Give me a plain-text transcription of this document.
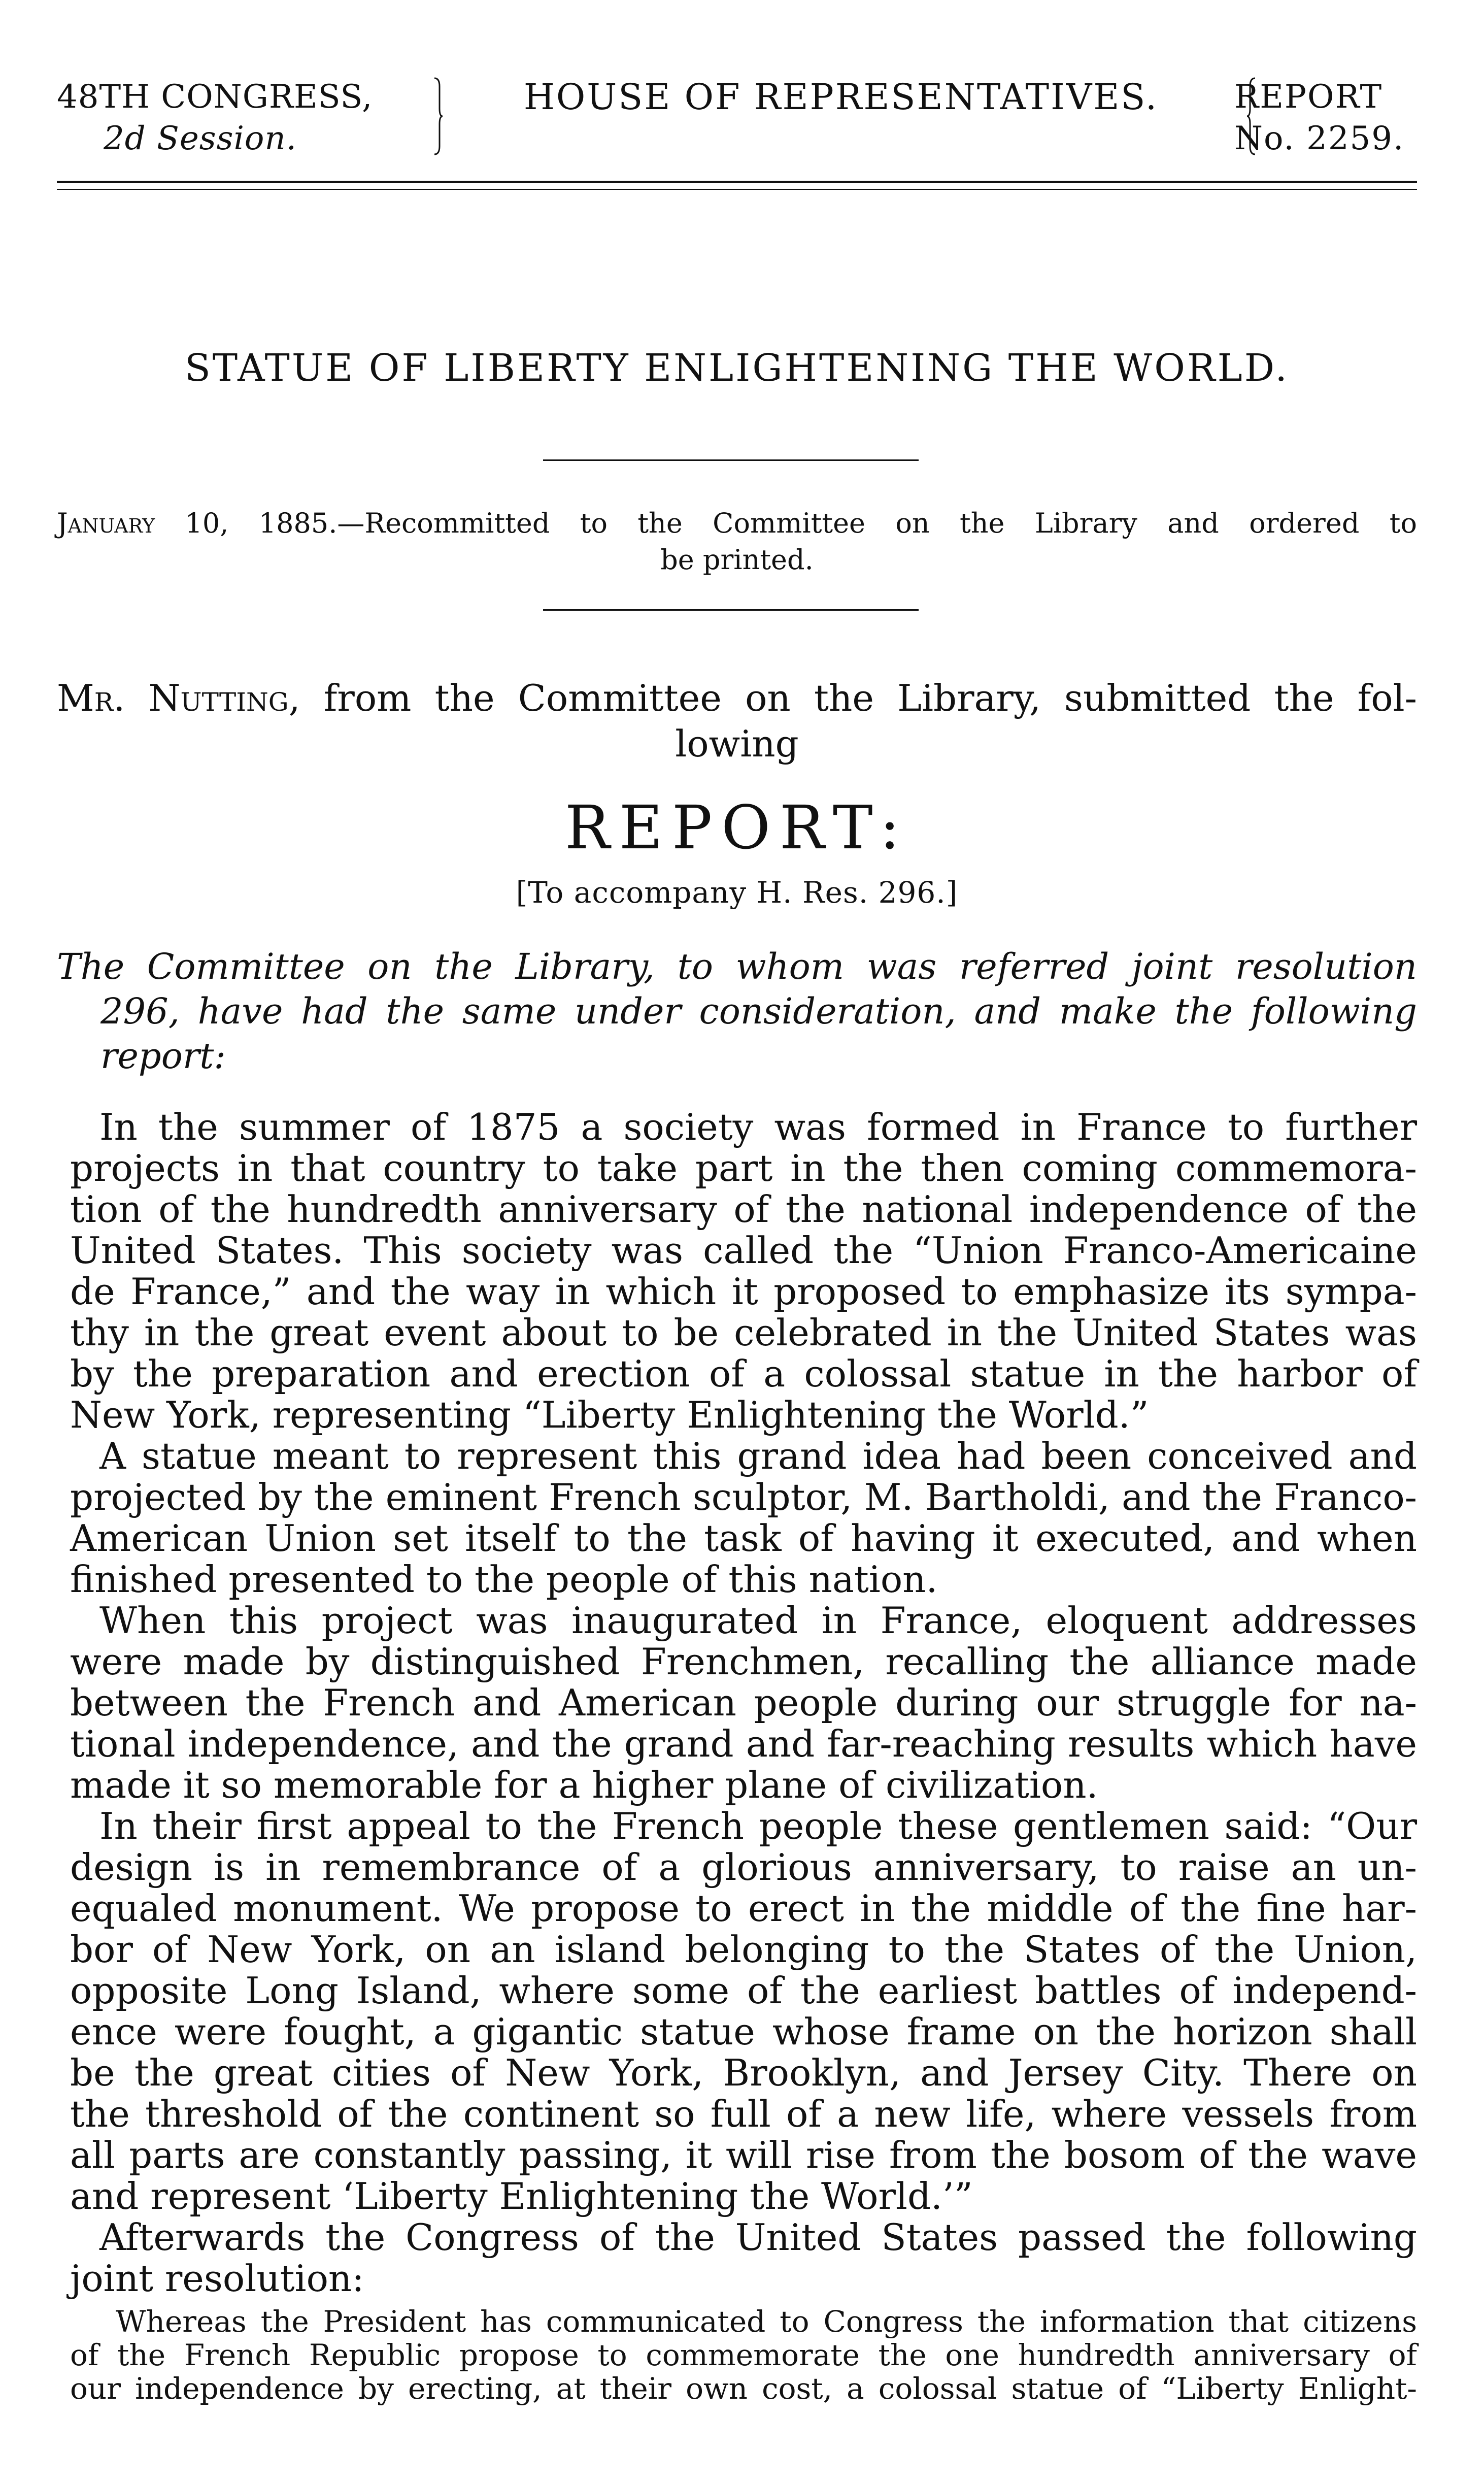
48TH CONGRESS,
2d Session.
HOUSE OF REPRESENTATIVES.	REPORT
No. 2259.
STATUE OF LIBERTY ENLIGHTENING THE WORLD.
January 10, 1885.—Recommitted to the Committee on the Library and ordered to
be printed.
Mr. Nutting, from the Committee on the Library, submitted the fol-
lowing
REPORT:
[To accompany H. Res. 296.]
The Committee on the Library, to whom was referred joint resolution
296, have had the same under consideration, and make the following
report:
In the summer of 1875 a society was formed in France to further
projects in that country to take part in the then coming commemora-
tion of the hundredth anniversary of the national independence of the
United States. This society was called the “Union Franco-Americaine
de France,” and the way in which it proposed to emphasize its sympa-
thy in the great event about to be celebrated in the United States was
by the preparation and erection of a colossal statue in the harbor of
New York, representing “Liberty Enlightening the World.”
A statue meant to represent this grand idea had been conceived and
projected by the eminent French sculptor, M. Bartholdi, and the Franco-
American Union set itself to the task of having it executed, and when
finished presented to the people of this nation.
When this project was inaugurated in France, eloquent addresses
were made by distinguished Frenchmen, recalling the alliance made
between the French and American people during our struggle for na-
tional independence, and the grand and far-reaching results which have
made it so memorable for a higher plane of civilization.
In their first appeal to the French people these gentlemen said: “Our
design is in remembrance of a glorious anniversary, to raise an un-
equaled monument. We propose to erect in the middle of the fine har-
bor of New York, on an island belonging to the States of the Union,
opposite Long Island, where some of the earliest battles of independ-
ence were fought, a gigantic statue whose frame on the horizon shall
be the great cities of New York, Brooklyn, and Jersey City. There on
the threshold of the continent so full of a new life, where vessels from
all parts are constantly passing, it will rise from the bosom of the wave
and represent ‘Liberty Enlightening the World.’”
Afterwards the Congress of the United States passed the following
joint resolution:
Whereas the President has communicated to Congress the information that citizens
of the French Republic propose to commemorate the one hundredth anniversary of
our independence by erecting, at their own cost, a colossal statue of “Liberty Enlight-
